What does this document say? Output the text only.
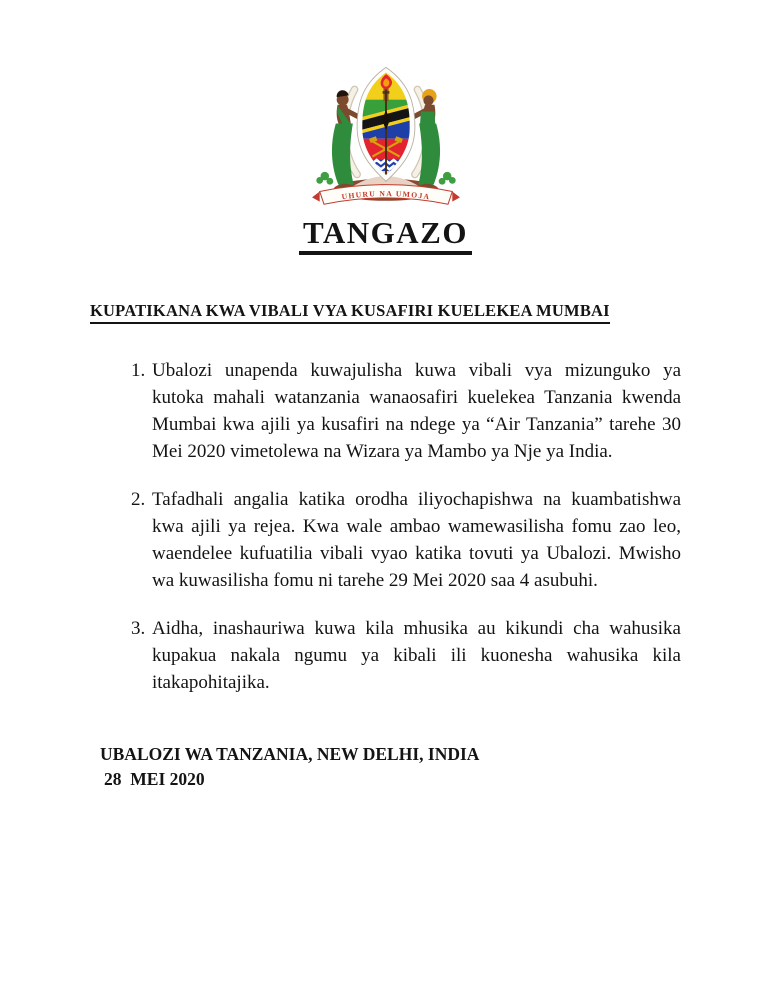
UHURU NA UMOJA
TANGAZO
KUPATIKANA KWA VIBALI VYA KUSAFIRI KUELEKEA MUMBAI
1. Ubalozi unapenda kuwajulisha kuwa vibali vya mizunguko ya kutoka mahali watanzania wanaosafiri kuelekea Tanzania kwenda Mumbai kwa ajili ya kusafiri na ndege ya “Air Tanzania” tarehe 30 Mei 2020 vimetolewa na Wizara ya Mambo ya Nje ya India.
2. Tafadhali angalia katika orodha iliyochapishwa na kuambatishwa kwa ajili ya rejea. Kwa wale ambao wamewasilisha fomu zao leo, waendelee kufuatilia vibali vyao katika tovuti ya Ubalozi. Mwisho wa kuwasilisha fomu ni tarehe 29 Mei 2020 saa 4 asubuhi.
3. Aidha, inashauriwa kuwa kila mhusika au kikundi cha wahusika kupakua nakala ngumu ya kibali ili kuonesha wahusika kila itakapohitajika.
UBALOZI WA TANZANIA, NEW DELHI, INDIA
28  MEI 2020
